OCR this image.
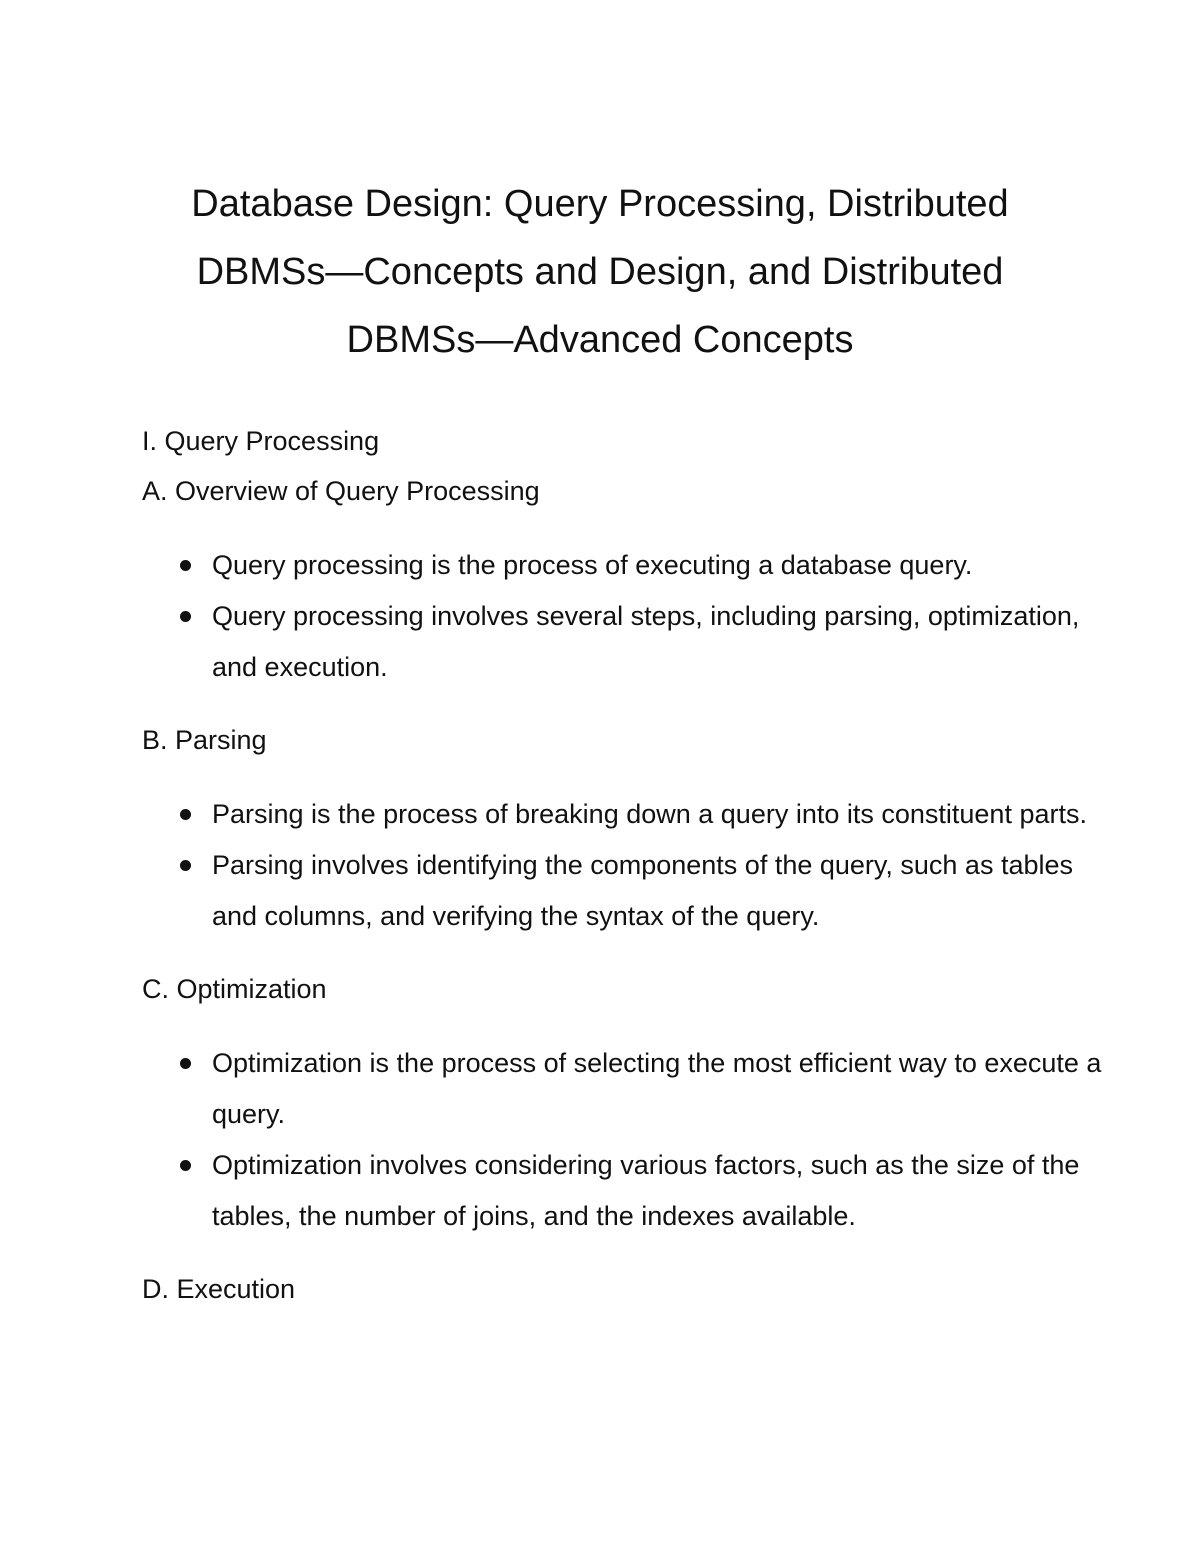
Database Design: Query Processing, Distributed
DBMSs—Concepts and Design, and Distributed
DBMSs—Advanced Concepts

I. Query Processing

A. Overview of Query Processing

Query processing is the process of executing a database query.
Query processing involves several steps, including parsing, optimization, and execution.

B. Parsing

Parsing is the process of breaking down a query into its constituent parts.
Parsing involves identifying the components of the query, such as tables and columns, and verifying the syntax of the query.

C. Optimization

Optimization is the process of selecting the most efficient way to execute a query.
Optimization involves considering various factors, such as the size of the tables, the number of joins, and the indexes available.

D. Execution
